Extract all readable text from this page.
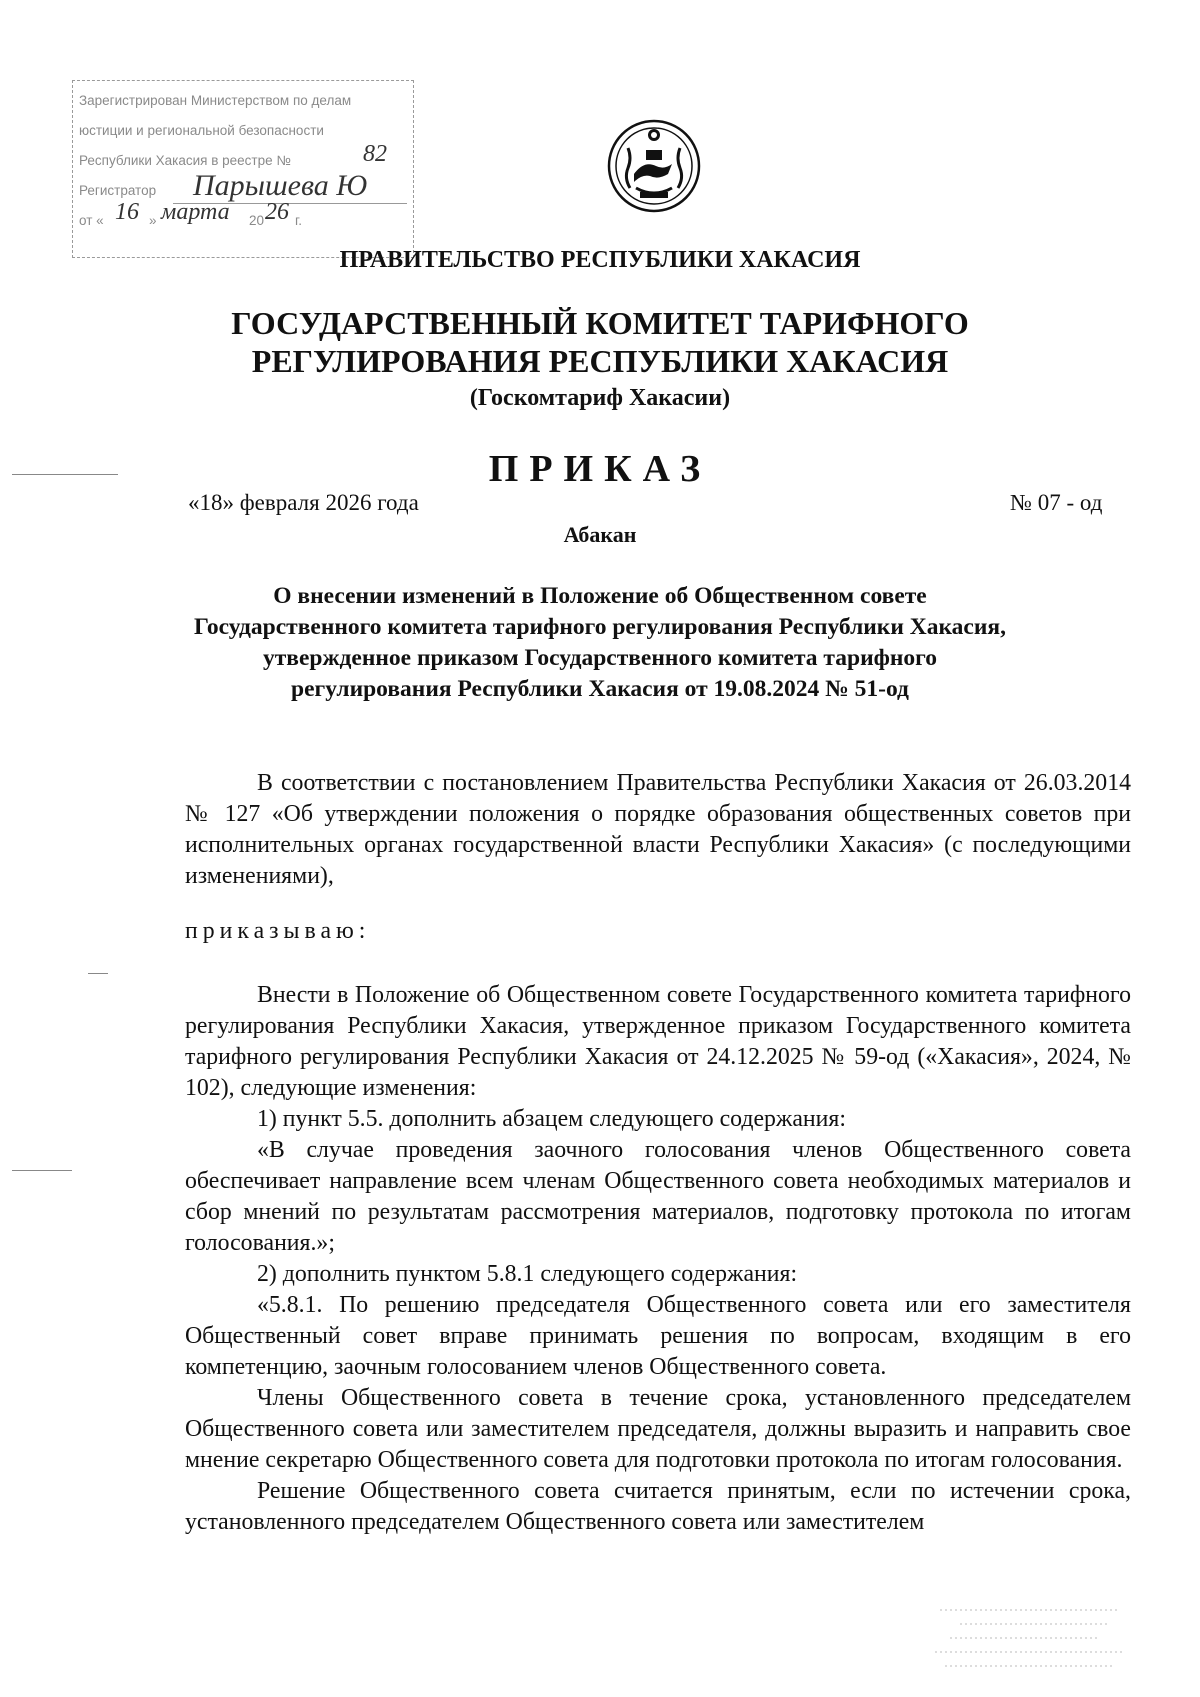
Зарегистрирован Министерством по делам
юстиции и региональной безопасности
Республики Хакасия в реестре №	82
Регистратор Парышева Ю
от « 16 » марта 20 26 г.
ПРАВИТЕЛЬСТВО РЕСПУБЛИКИ ХАКАСИЯ
ГОСУДАРСТВЕННЫЙ КОМИТЕТ ТАРИФНОГО
РЕГУЛИРОВАНИЯ РЕСПУБЛИКИ ХАКАСИЯ
(Госкомтариф Хакасии)
ПРИКАЗ
«18» февраля 2026 года	№ 07 - од
Абакан
О внесении изменений в Положение об Общественном совете
Государственного комитета тарифного регулирования Республики Хакасия,
утвержденное приказом Государственного комитета тарифного
регулирования Республики Хакасия от 19.08.2024 № 51-од
В соответствии с постановлением Правительства Республики Хакасия от 26.03.2014 № 127 «Об утверждении положения о порядке образования общественных советов при исполнительных органах государственной власти Республики Хакасия» (с последующими изменениями),
приказываю:
Внести в Положение об Общественном совете Государственного комитета тарифного регулирования Республики Хакасия, утвержденное приказом Государственного комитета тарифного регулирования Республики Хакасия от 24.12.2025 № 59-од («Хакасия», 2024, № 102), следующие изменения:
1) пункт 5.5. дополнить абзацем следующего содержания:
«В случае проведения заочного голосования членов Общественного совета обеспечивает направление всем членам Общественного совета необходимых материалов и сбор мнений по результатам рассмотрения материалов, подготовку протокола по итогам голосования.»;
2) дополнить пунктом 5.8.1 следующего содержания:
«5.8.1. По решению председателя Общественного совета или его заместителя Общественный совет вправе принимать решения по вопросам, входящим в его компетенцию, заочным голосованием членов Общественного совета.
Члены Общественного совета в течение срока, установленного председателем Общественного совета или заместителем председателя, должны выразить и направить свое мнение секретарю Общественного совета для подготовки протокола по итогам голосования.
Решение Общественного совета считается принятым, если по истечении срока, установленного председателем Общественного совета или заместителем
